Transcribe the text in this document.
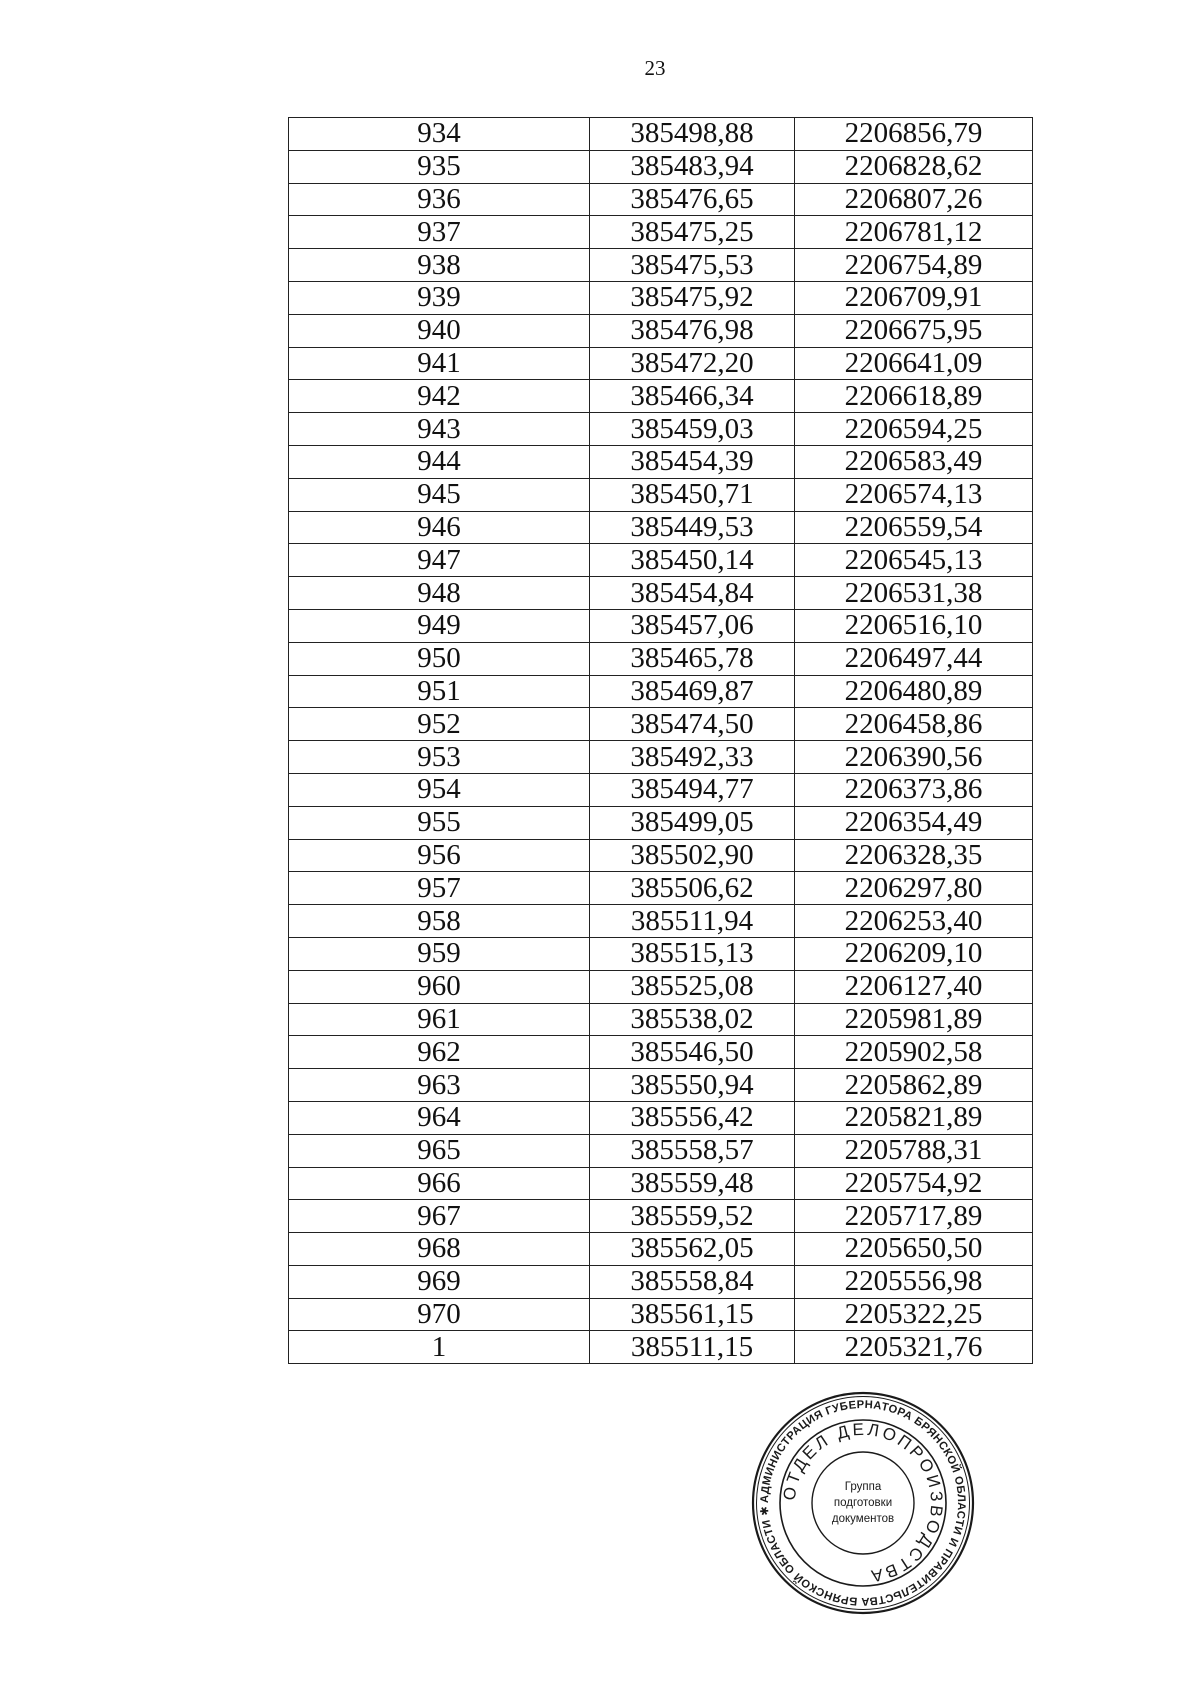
23
934	385498,88	2206856,79
935	385483,94	2206828,62
936	385476,65	2206807,26
937	385475,25	2206781,12
938	385475,53	2206754,89
939	385475,92	2206709,91
940	385476,98	2206675,95
941	385472,20	2206641,09
942	385466,34	2206618,89
943	385459,03	2206594,25
944	385454,39	2206583,49
945	385450,71	2206574,13
946	385449,53	2206559,54
947	385450,14	2206545,13
948	385454,84	2206531,38
949	385457,06	2206516,10
950	385465,78	2206497,44
951	385469,87	2206480,89
952	385474,50	2206458,86
953	385492,33	2206390,56
954	385494,77	2206373,86
955	385499,05	2206354,49
956	385502,90	2206328,35
957	385506,62	2206297,80
958	385511,94	2206253,40
959	385515,13	2206209,10
960	385525,08	2206127,40
961	385538,02	2205981,89
962	385546,50	2205902,58
963	385550,94	2205862,89
964	385556,42	2205821,89
965	385558,57	2205788,31
966	385559,48	2205754,92
967	385559,52	2205717,89
968	385562,05	2205650,50
969	385558,84	2205556,98
970	385561,15	2205322,25
1	385511,15	2205321,76
АДМИНИСТРАЦИЯ ГУБЕРНАТОРА БРЯНСКОЙ ОБЛАСТИ И ПРАВИТЕЛЬСТВА БРЯНСКОЙ ОБЛАСТИ ✱
ОТДЕЛ ДЕЛОПРОИЗВОДСТВА
Группа
подготовки
документов
